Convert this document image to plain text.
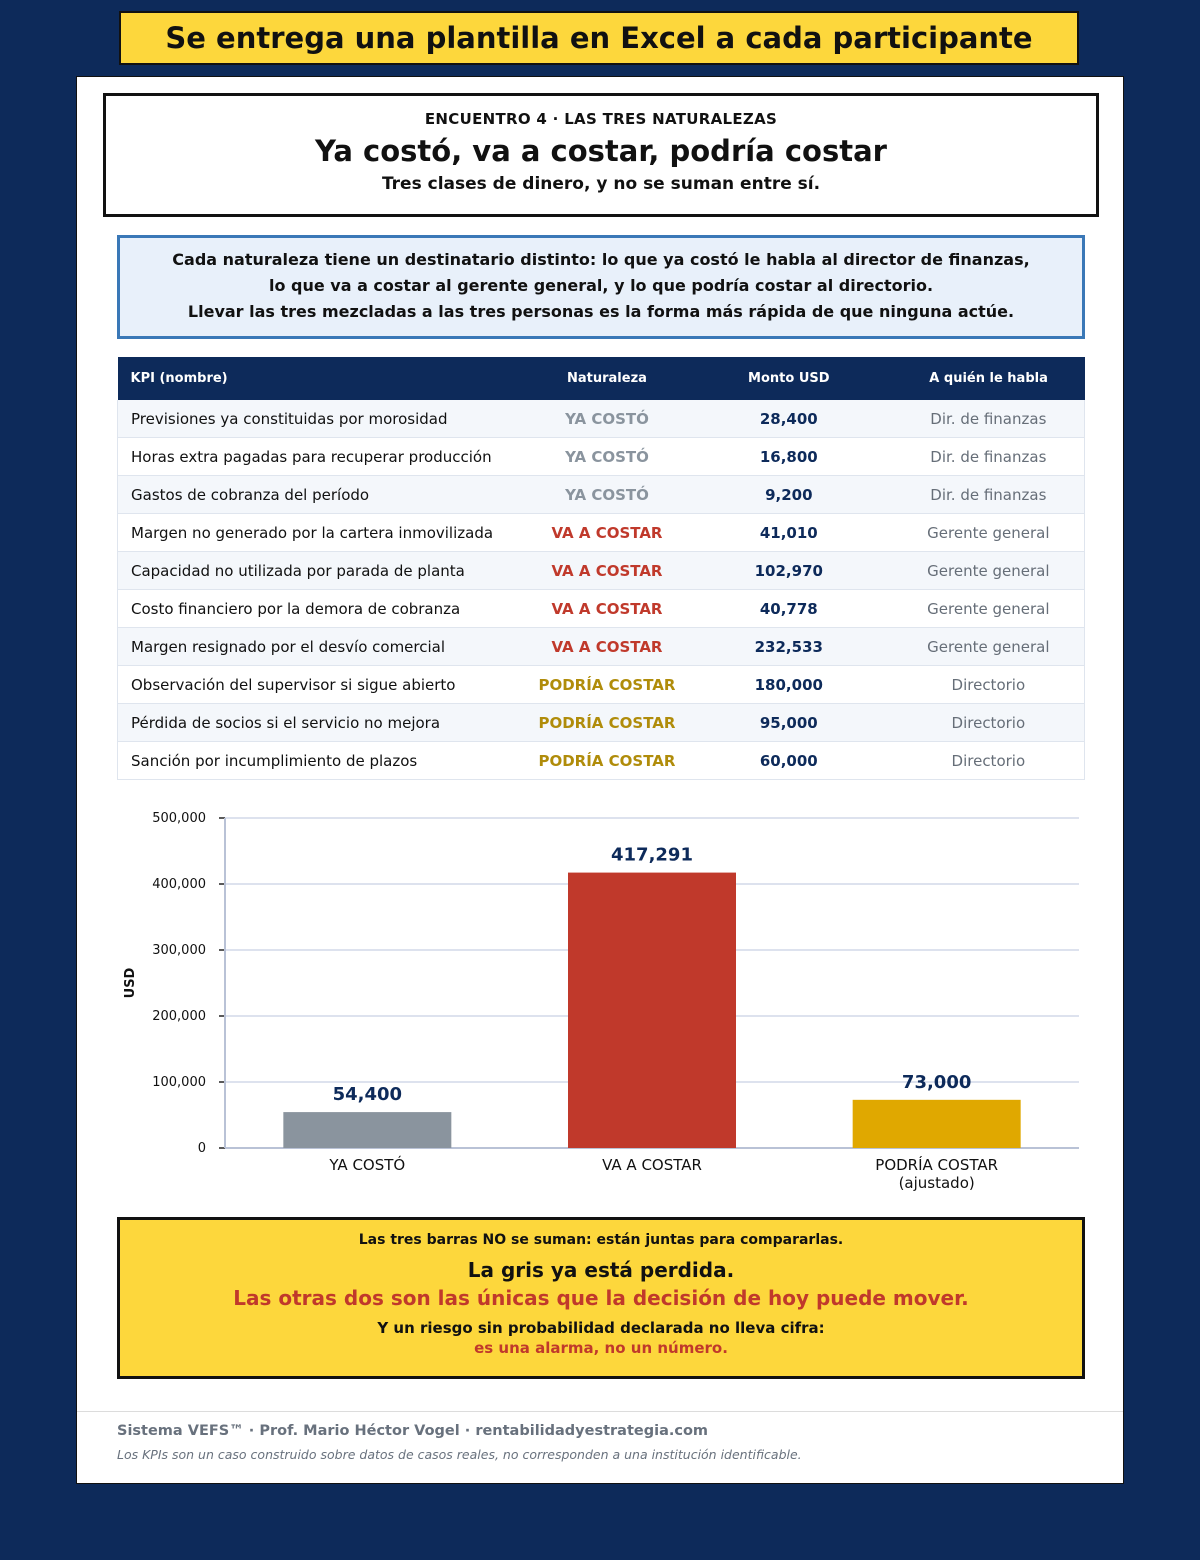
Se entrega una plantilla en Excel a cada participante
ENCUENTRO 4 · LAS TRES NATURALEZAS
Ya costó, va a costar, podría costar
Tres clases de dinero, y no se suman entre sí.
Cada naturaleza tiene un destinatario distinto: lo que ya costó le habla al director de finanzas,
lo que va a costar al gerente general, y lo que podría costar al directorio.
Llevar las tres mezcladas a las tres personas es la forma más rápida de que ninguna actúe.
KPI (nombre)	Naturaleza	Monto USD	A quién le habla
Previsiones ya constituidas por morosidad	YA COSTÓ	28,400	Dir. de finanzas
Horas extra pagadas para recuperar producción	YA COSTÓ	16,800	Dir. de finanzas
Gastos de cobranza del período	YA COSTÓ	9,200	Dir. de finanzas
Margen no generado por la cartera inmovilizada	VA A COSTAR	41,010	Gerente general
Capacidad no utilizada por parada de planta	VA A COSTAR	102,970	Gerente general
Costo financiero por la demora de cobranza	VA A COSTAR	40,778	Gerente general
Margen resignado por el desvío comercial	VA A COSTAR	232,533	Gerente general
Observación del supervisor si sigue abierto	PODRÍA COSTAR	180,000	Directorio
Pérdida de socios si el servicio no mejora	PODRÍA COSTAR	95,000	Directorio
Sanción por incumplimiento de plazos	PODRÍA COSTAR	60,000	Directorio
0
100,000
200,000
300,000
400,000
500,000
USD
54,400
YA COSTÓ
417,291
VA A COSTAR
73,000
PODRÍA COSTAR
(ajustado)
Las tres barras NO se suman: están juntas para compararlas.
La gris ya está perdida.
Las otras dos son las únicas que la decisión de hoy puede mover.
Y un riesgo sin probabilidad declarada no lleva cifra:
es una alarma, no un número.
Sistema VEFS™ · Prof. Mario Héctor Vogel · rentabilidadyestrategia.com
Los KPIs son un caso construido sobre datos de casos reales, no corresponden a una institución identificable.
